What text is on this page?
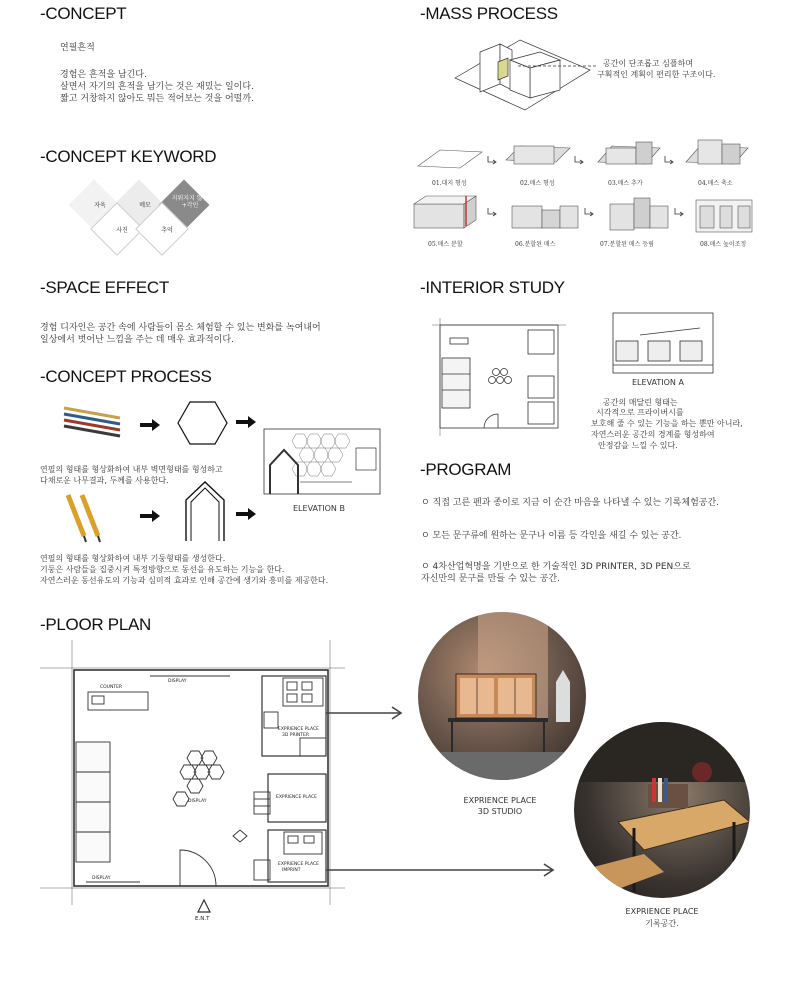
-CONCEPT
연필흔적
경험은 흔적을 남긴다.
살면서 자기의 흔적을 남기는 것은 재밌는 일이다.
짧고 거창하지 않아도 뭐든 적어보는 것을 어떨까.
-CONCEPT KEYWORD
자욱	메모
지워지지 않는 +각인
사진	추억
-SPACE EFFECT
경험 디자인은 공간 속에 사람들이 몸소 체험할 수 있는 변화를 녹여내어
일상에서 벗어난 느낌을 주는 데 매우 효과적이다.
-CONCEPT PROCESS
연필의 형태를 형상화하여 내부 벽면형태를 형성하고
다채로운 나무결과, 두께를 사용한다.
ELEVATION B
연필의 형태를 형상화하여 내부 기둥형태를 생성한다.
기둥은 사람들을 집중시켜 특정방향으로 동선을 유도하는 기능을 한다.
자연스러운 동선유도의 기능과 심미적 효과로 인해 공간에 생기와 흥미를 제공한다.
-MASS PROCESS
공간이 단조롭고 심플하며
구획적인 계획이 편리한 구조이다.
01.대지 형성	02.매스 형성	03.매스 추가	04.매스 축소
05.매스 분할	06.분할된 매스	07.분할된 매스 등림	08.매스 높이조정
-INTERIOR STUDY
ELEVATION A
공간의 매달린 형태는
시각적으로 프라이버시를
보호해 줄 수 있는 기능을 하는 뿐만 아니라,
자연스러운 공간의 경계를 형성하여
안정감을 느낄 수 있다.
-PROGRAM
ㅇ 직접 고른 펜과 종이로 지금 이 순간 마음을 나타낼 수 있는 기록체험공간.
ㅇ 모든 문구류에 원하는 문구나 이름 등 각인을 새길 수 있는 공간.
ㅇ 4차산업혁명을 기반으로 한 기술적인 3D PRINTER, 3D PEN으로
자신만의 문구를 만들 수 있는 공간.
-PLOOR PLAN
COUNTER
DISPLAY
DISPLAY
DISPLAY
EXPRIENCE PLACE
3D PRINTER
EXPRIENCE PLACE
EXPRIENCE PLACE
IMPRINT
E.N.T
EXPRIENCE PLACE
3D STUDIO
EXPRIENCE PLACE
기록공간.
